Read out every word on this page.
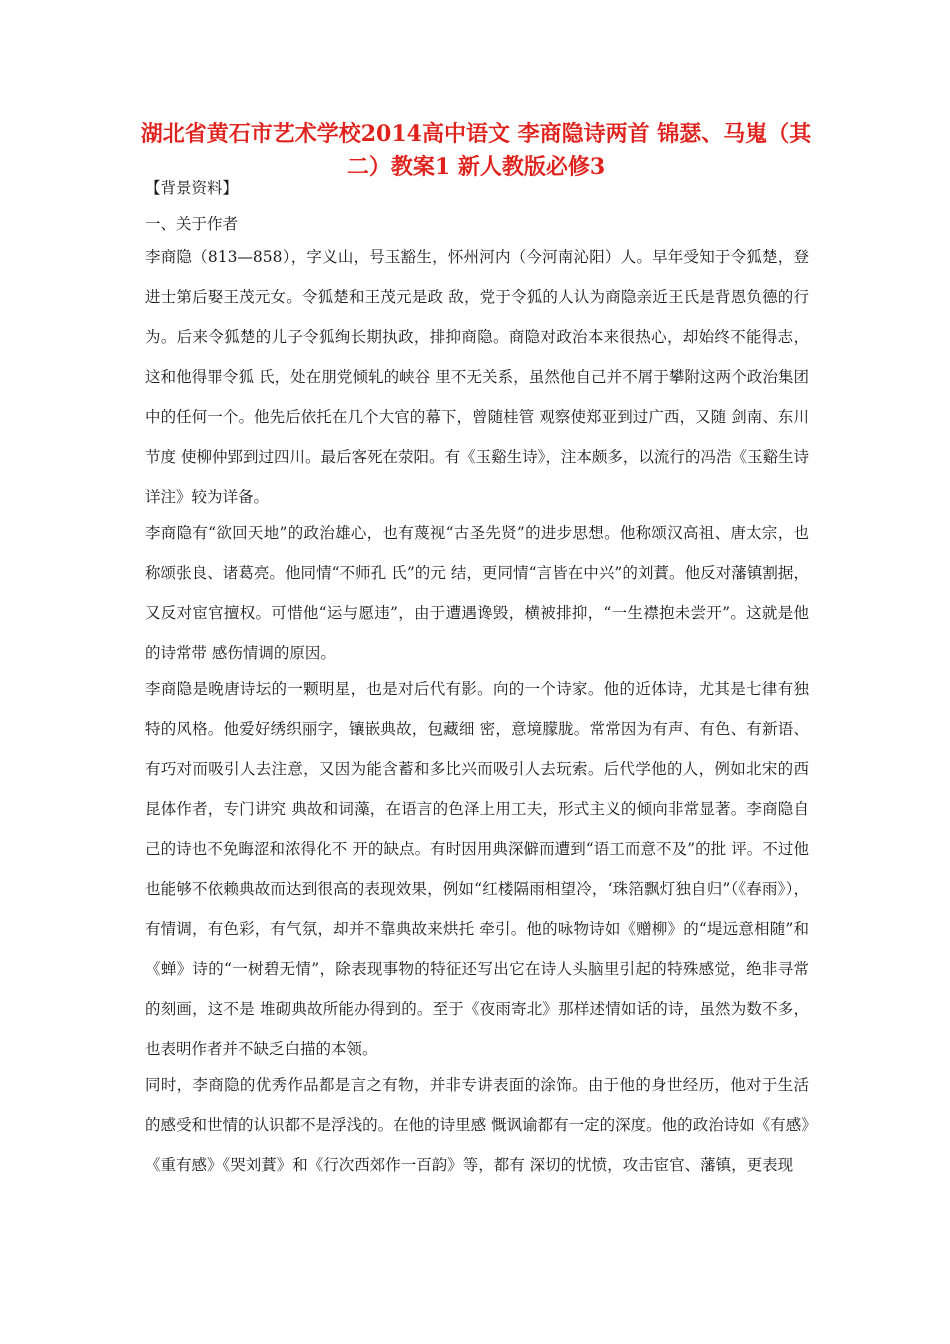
湖北省黄石市艺术学校2014高中语文 李商隐诗两首 锦瑟、马嵬（其二）教案1 新人教版必修3

【背景资料】

一、关于作者

李商隐（813—858），字义山，号玉豁生，怀州河内（今河南沁阳）人。早年受知于令狐楚，登进士第后娶王茂元女。令狐楚和王茂元是政 敌，党于令狐的人认为商隐亲近王氏是背恩负德的行为。后来令狐楚的儿子令狐绚长期执政，排抑商隐。商隐对政治本来很热心，却始终不能得志，这和他得罪令狐 氏，处在朋党倾轧的峡谷 里不无关系，虽然他自己并不屑于攀附这两个政治集团中的任何一个。他先后依托在几个大官的幕下，曾随桂管 观察使郑亚到过广西，又随 剑南、东川节度 使柳仲郢到过四川。最后客死在荥阳。有《玉谿生诗》，注本颇多，以流行的冯浩《玉谿生诗详注》较为详备。

李商隐有“欲回天地”的政治雄心，也有蔑视“古圣先贤”的进步思想。他称颂汉高祖、唐太宗，也称颂张良、诸葛亮。他同情“不师孔 氏”的元 结，更同情“言皆在中兴”的刘蕡。他反对藩镇割据，又反对宦官擅权。可惜他“运与愿违”，由于遭遇谗毁，横被排抑，“一生襟抱未尝开”。这就是他的诗常带 感伤情调的原因。

李商隐是晚唐诗坛的一颗明星，也是对后代有影。向的一个诗家。他的近体诗，尤其是七律有独特的风格。他爱好绣织丽字，镶嵌典故，包藏细 密，意境朦胧。常常因为有声、有色、有新语、有巧对而吸引人去注意，又因为能含蓄和多比兴而吸引人去玩索。后代学他的人，例如北宋的西昆体作者，专门讲究 典故和词藻，在语言的色泽上用工夫，形式主义的倾向非常显著。李商隐自己的诗也不免晦涩和浓得化不 开的缺点。有时因用典深僻而遭到“语工而意不及”的批 评。不过他也能够不依赖典故而达到很高的表现效果，例如“红楼隔雨相望冷，‘珠箔飘灯独自归”（《春雨》），有情调，有色彩，有气氛，却并不靠典故来烘托 牵引。他的咏物诗如《赠柳》的“堤远意相随”和《蝉》诗的“一树碧无情”，除表现事物的特征还写出它在诗人头脑里引起的特殊感觉，绝非寻常的刻画，这不是 堆砌典故所能办得到的。至于《夜雨寄北》那样述情如话的诗，虽然为数不多，也表明作者并不缺乏白描的本领。

同时，李商隐的优秀作品都是言之有物，并非专讲表面的涂饰。由于他的身世经历，他对于生活的感受和世情的认识都不是浮浅的。在他的诗里感 慨讽谕都有一定的深度。他的政治诗如《有感》《重有感》《哭刘蕡》和《行次西郊作一百韵》等，都有 深切的忧愤，攻击宦官、藩镇，更表现
